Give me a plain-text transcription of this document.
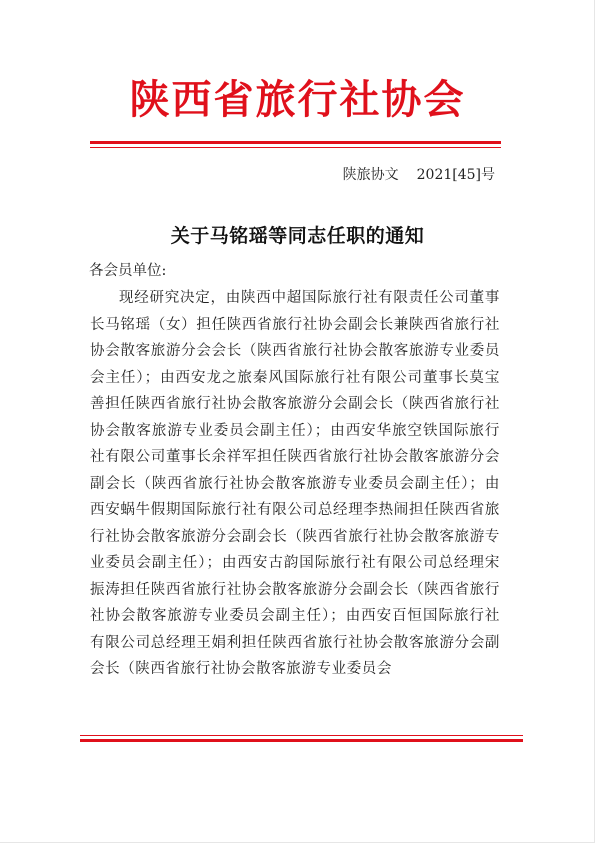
陕西省旅行社协会
陕旅协文 2021[45]号
关于马铭瑶等同志任职的通知
各会员单位:

现经研究决定，由陕西中超国际旅行社有限责任公司董事长马铭瑶（女）担任陕西省旅行社协会副会长兼陕西省旅行社协会散客旅游分会会长（陕西省旅行社协会散客旅游专业委员会主任）；由西安龙之旅秦风国际旅行社有限公司董事长莫宝善担任陕西省旅行社协会散客旅游分会副会长（陕西省旅行社协会散客旅游专业委员会副主任）；由西安华旅空铁国际旅行社有限公司董事长余祥军担任陕西省旅行社协会散客旅游分会副会长（陕西省旅行社协会散客旅游专业委员会副主任）；由西安蜗牛假期国际旅行社有限公司总经理李热闹担任陕西省旅行社协会散客旅游分会副会长（陕西省旅行社协会散客旅游专业委员会副主任）；由西安古韵国际旅行社有限公司总经理宋振涛担任陕西省旅行社协会散客旅游分会副会长（陕西省旅行社协会散客旅游专业委员会副主任）；由西安百恒国际旅行社有限公司总经理王娟利担任陕西省旅行社协会散客旅游分会副会长（陕西省旅行社协会散客旅游专业委员会
